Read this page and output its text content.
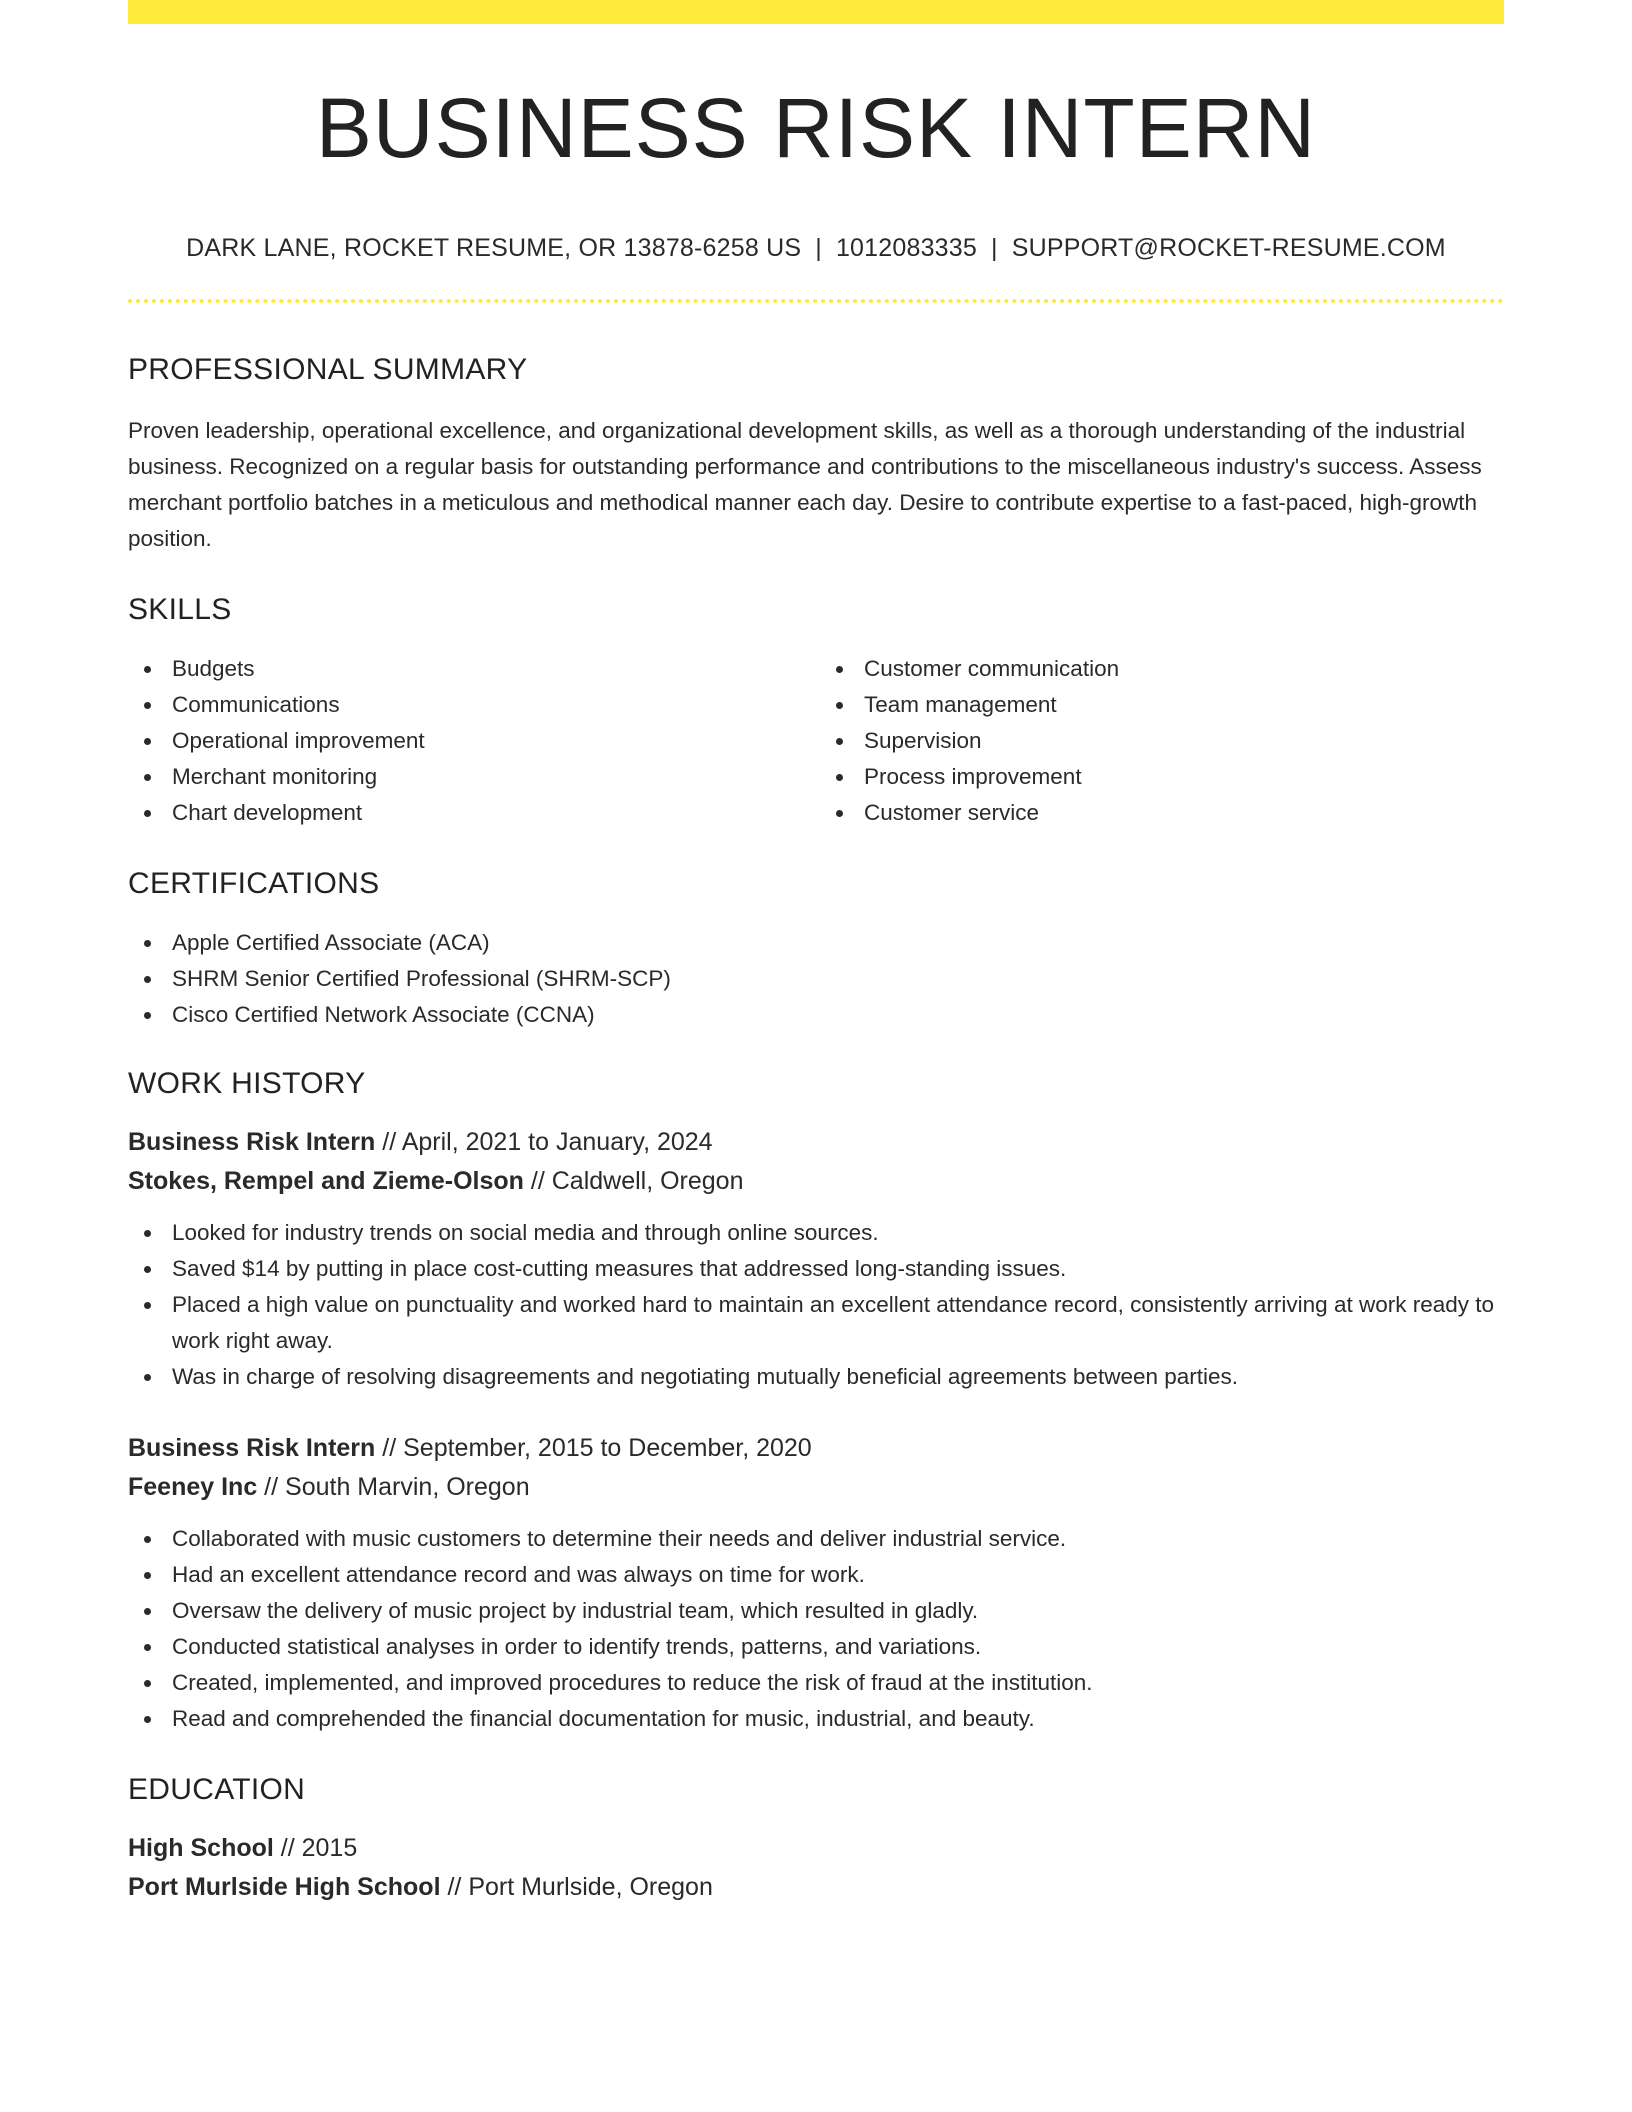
BUSINESS RISK INTERN
DARK LANE, ROCKET RESUME, OR 13878-6258 US | 1012083335 | SUPPORT@ROCKET-RESUME.COM
PROFESSIONAL SUMMARY

Proven leadership, operational excellence, and organizational development skills, as well as a thorough understanding of the industrial business. Recognized on a regular basis for outstanding performance and contributions to the miscellaneous industry's success. Assess merchant portfolio batches in a meticulous and methodical manner each day. Desire to contribute expertise to a fast-paced, high-growth position.

SKILLS
Budgets
Communications
Operational improvement
Merchant monitoring
Chart development
Customer communication
Team management
Supervision
Process improvement
Customer service
CERTIFICATIONS
Apple Certified Associate (ACA)
SHRM Senior Certified Professional (SHRM-SCP)
Cisco Certified Network Associate (CCNA)
WORK HISTORY
Business Risk Intern // April, 2021 to January, 2024
Stokes, Rempel and Zieme-Olson // Caldwell, Oregon
Looked for industry trends on social media and through online sources.
Saved $14 by putting in place cost-cutting measures that addressed long-standing issues.
Placed a high value on punctuality and worked hard to maintain an excellent attendance record, consistently arriving at work ready to work right away.
Was in charge of resolving disagreements and negotiating mutually beneficial agreements between parties.
Business Risk Intern // September, 2015 to December, 2020
Feeney Inc // South Marvin, Oregon
Collaborated with music customers to determine their needs and deliver industrial service.
Had an excellent attendance record and was always on time for work.
Oversaw the delivery of music project by industrial team, which resulted in gladly.
Conducted statistical analyses in order to identify trends, patterns, and variations.
Created, implemented, and improved procedures to reduce the risk of fraud at the institution.
Read and comprehended the financial documentation for music, industrial, and beauty.
EDUCATION
High School // 2015
Port Murlside High School // Port Murlside, Oregon
